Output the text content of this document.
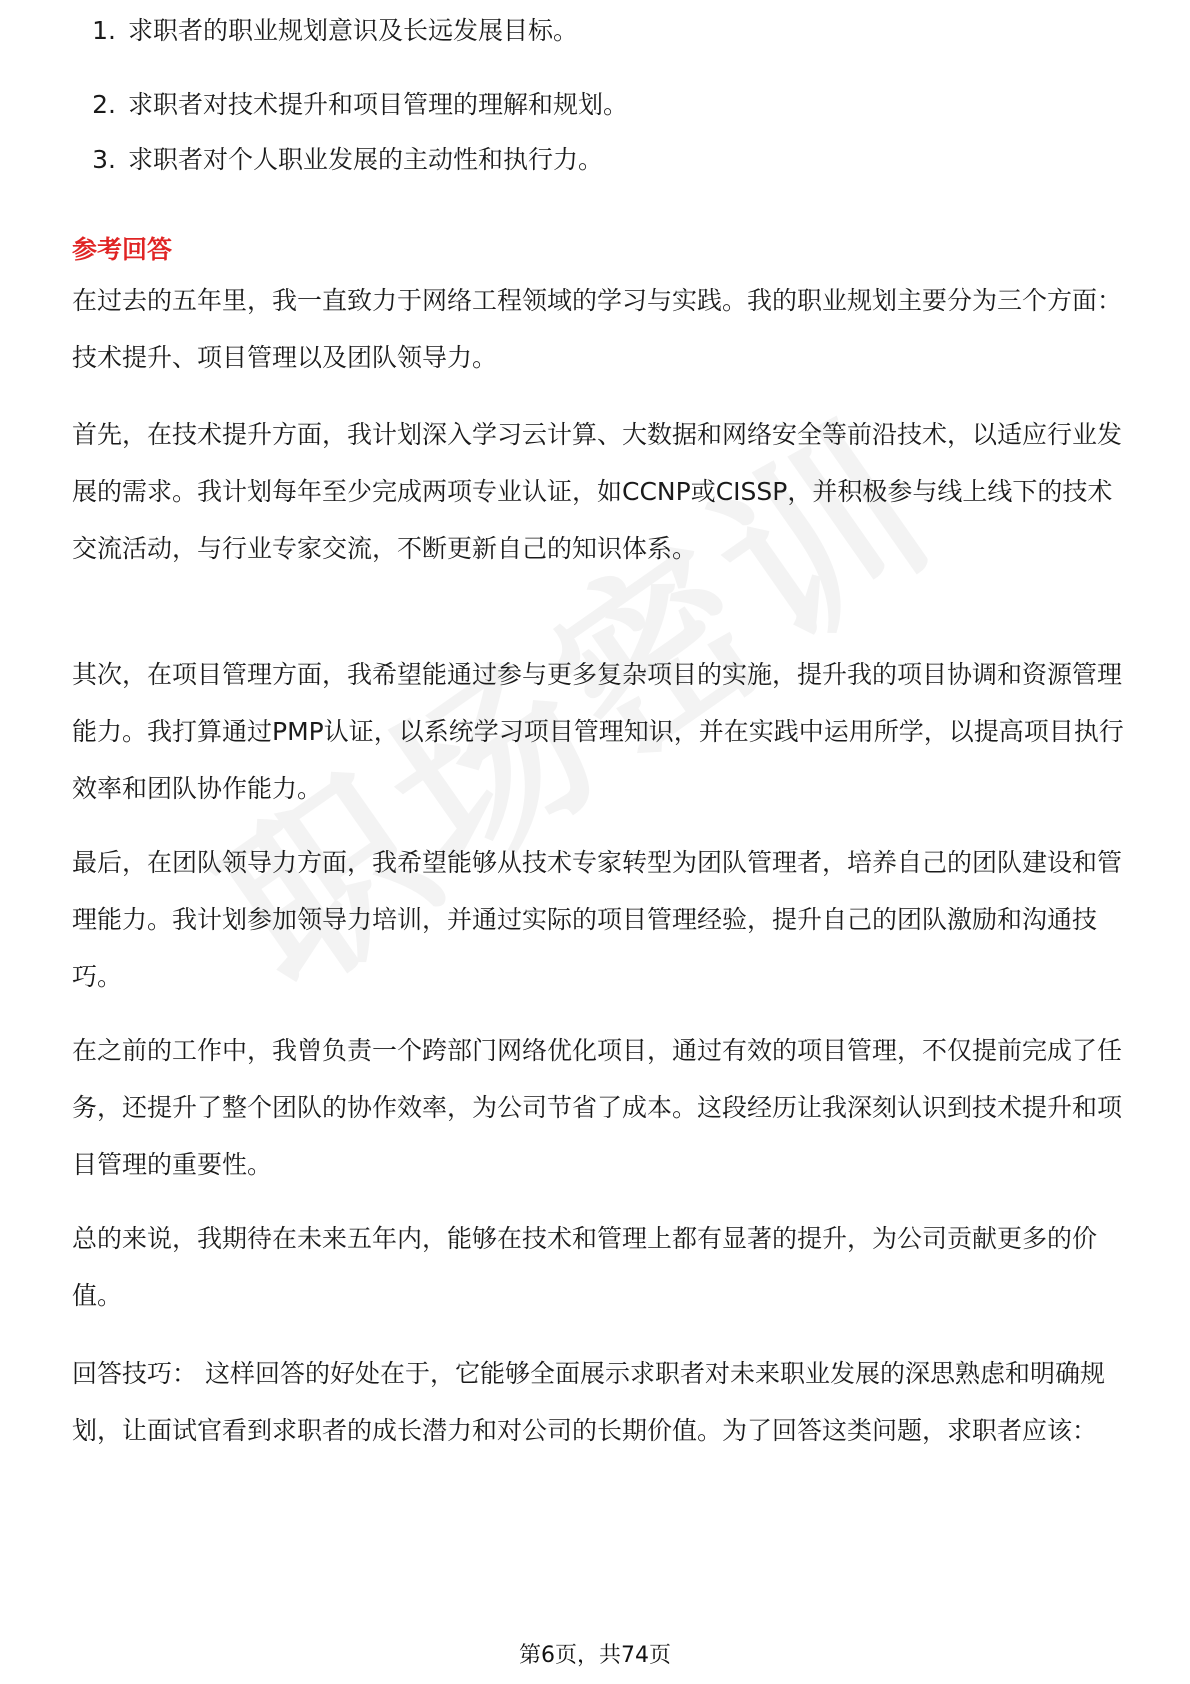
1. 求职者的职业规划意识及长远发展目标。
2. 求职者对技术提升和项目管理的理解和规划。
3. 求职者对个人职业发展的主动性和执行力。
参考回答

在过去的五年里，我一直致力于网络工程领域的学习与实践。我的职业规划主要分为三个方面：技术提升、项目管理以及团队领导力。

首先，在技术提升方面，我计划深入学习云计算、大数据和网络安全等前沿技术，以适应行业发展的需求。我计划每年至少完成两项专业认证，如CCNP或CISSP，并积极参与线上线下的技术交流活动，与行业专家交流，不断更新自己的知识体系。

其次，在项目管理方面，我希望能通过参与更多复杂项目的实施，提升我的项目协调和资源管理能力。我打算通过PMP认证，以系统学习项目管理知识，并在实践中运用所学，以提高项目执行效率和团队协作能力。

最后，在团队领导力方面，我希望能够从技术专家转型为团队管理者，培养自己的团队建设和管理能力。我计划参加领导力培训，并通过实际的项目管理经验，提升自己的团队激励和沟通技巧。

在之前的工作中，我曾负责一个跨部门网络优化项目，通过有效的项目管理，不仅提前完成了任务，还提升了整个团队的协作效率，为公司节省了成本。这段经历让我深刻认识到技术提升和项目管理的重要性。

总的来说，我期待在未来五年内，能够在技术和管理上都有显著的提升，为公司贡献更多的价值。

回答技巧： 这样回答的好处在于，它能够全面展示求职者对未来职业发展的深思熟虑和明确规划，让面试官看到求职者的成长潜力和对公司的长期价值。为了回答这类问题，求职者应该：

第6页，共74页
